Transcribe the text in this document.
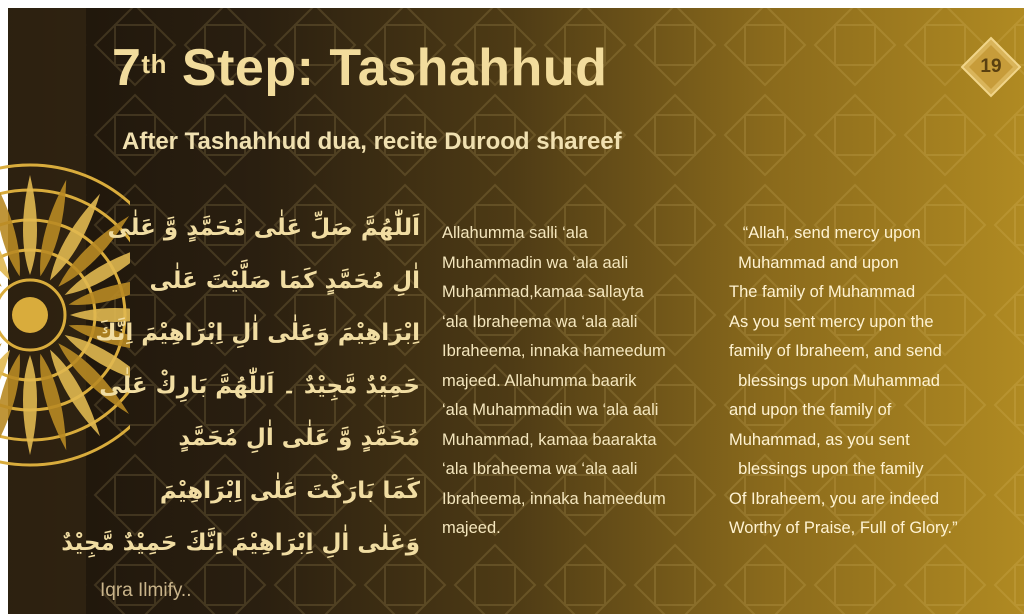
7th Step: Tashahhud
After Tashahhud dua, recite Durood shareef
19
اَللّٰهُمَّ صَلِّ عَلٰى مُحَمَّدٍ وَّ عَلٰى
اٰلِ مُحَمَّدٍ كَمَا صَلَّيْتَ عَلٰى
اِبْرَاهِيْمَ وَعَلٰى اٰلِ اِبْرَاهِيْمَ اِنَّكَ
حَمِيْدٌ مَّجِيْدٌ ۔ اَللّٰهُمَّ بَارِكْ عَلٰى
مُحَمَّدٍ وَّ عَلٰى اٰلِ مُحَمَّدٍ
كَمَا بَارَكْتَ عَلٰى اِبْرَاهِيْمَ
وَعَلٰى اٰلِ اِبْرَاهِيْمَ اِنَّكَ حَمِيْدٌ مَّجِيْدٌ
Allahumma salli ‘ala
Muhammadin wa ‘ala aali
Muhammad,kamaa sallayta
‘ala Ibraheema wa ‘ala aali
Ibraheema, innaka hameedum
majeed. Allahumma baarik
‘ala Muhammadin wa ‘ala aali
Muhammad, kamaa baarakta
‘ala Ibraheema wa ‘ala aali
Ibraheema, innaka hameedum
majeed.
“Allah, send mercy upon
Muhammad and upon
The family of Muhammad
As you sent mercy upon the
family of Ibraheem, and send
blessings upon Muhammad
and upon the family of
Muhammad, as you sent
blessings upon the family
Of Ibraheem, you are indeed
Worthy of Praise, Full of Glory.”

Iqra Ilmify..
